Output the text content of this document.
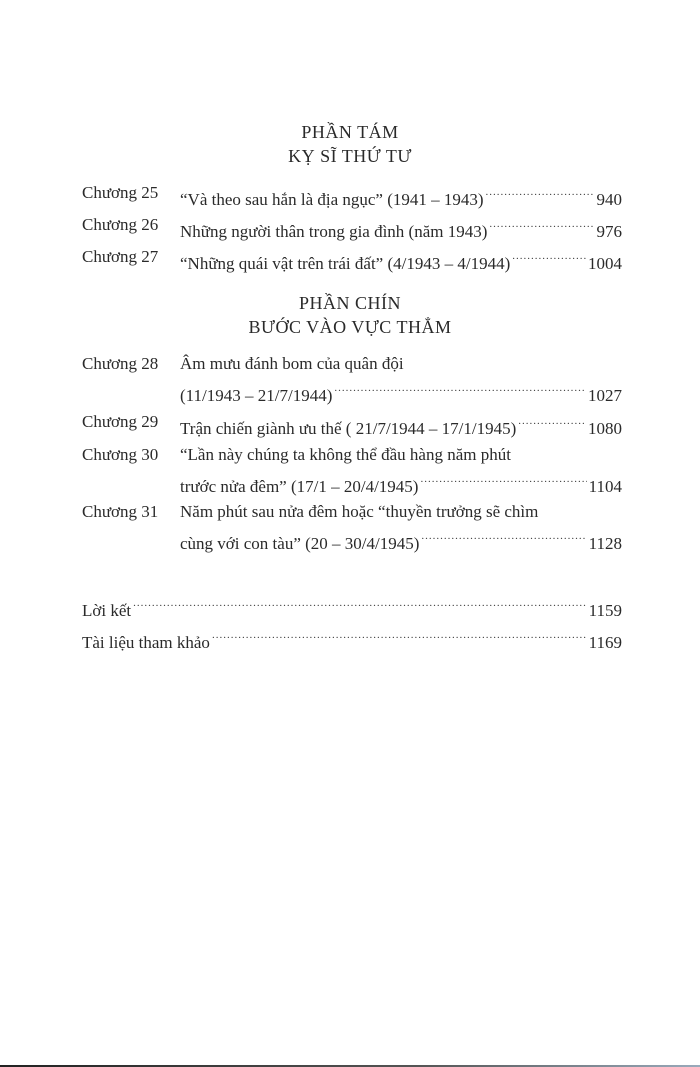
PHẦN TÁM
KỴ SĨ THỨ TƯ
Chương 25 “Và theo sau hắn là địa ngục” (1941 – 1943) .....	940
Chương 26 Những người thân trong gia đình (năm 1943) .....	976
Chương 27 “Những quái vật trên trái đất” (4/1943 – 4/1944) .....	1004
PHẦN CHÍN
BƯỚC VÀO VỰC THẲM
Chương 28 Âm mưu đánh bom của quân đội
(11/1943 – 21/7/1944) .....	1027
Chương 29 Trận chiến giành ưu thế ( 21/7/1944 – 17/1/1945) .....	1080
Chương 30 “Lần này chúng ta không thể đầu hàng năm phút
trước nửa đêm” (17/1 – 20/4/1945) .....	1104
Chương 31 Năm phút sau nửa đêm hoặc “thuyền trưởng sẽ chìm
cùng với con tàu” (20 – 30/4/1945) .....	1128
Lời kết .....	1159
Tài liệu tham khảo .....	1169
